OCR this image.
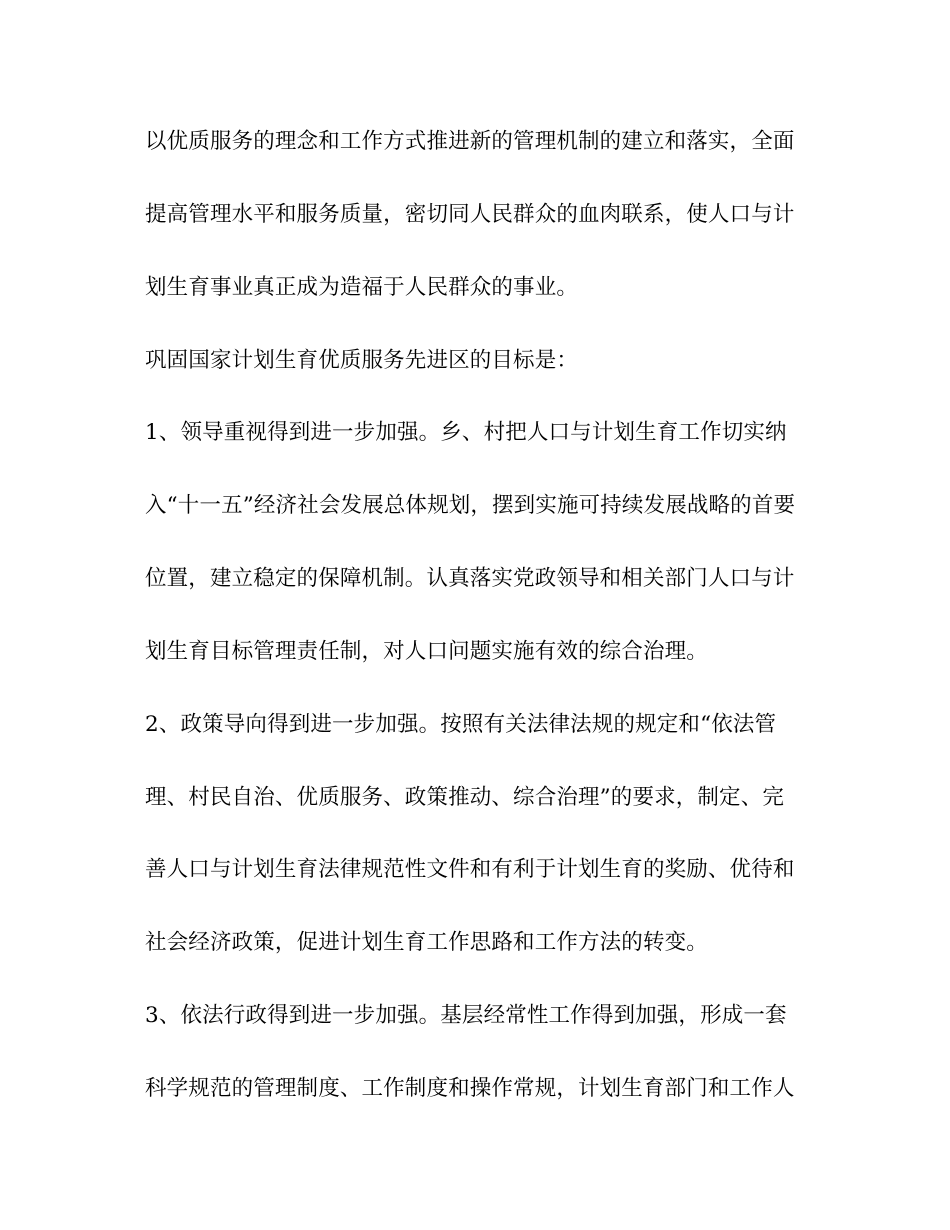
以优质服务的理念和工作方式推进新的管理机制的建立和落实，全面
提高管理水平和服务质量，密切同人民群众的血肉联系，使人口与计
划生育事业真正成为造福于人民群众的事业。
巩固国家计划生育优质服务先进区的目标是：
1、领导重视得到进一步加强。乡、村把人口与计划生育工作切实纳
入“十一五”经济社会发展总体规划，摆到实施可持续发展战略的首要
位置，建立稳定的保障机制。认真落实党政领导和相关部门人口与计
划生育目标管理责任制，对人口问题实施有效的综合治理。
2、政策导向得到进一步加强。按照有关法律法规的规定和“依法管
理、村民自治、优质服务、政策推动、综合治理”的要求，制定、完
善人口与计划生育法律规范性文件和有利于计划生育的奖励、优待和
社会经济政策，促进计划生育工作思路和工作方法的转变。
3、依法行政得到进一步加强。基层经常性工作得到加强，形成一套
科学规范的管理制度、工作制度和操作常规，计划生育部门和工作人
